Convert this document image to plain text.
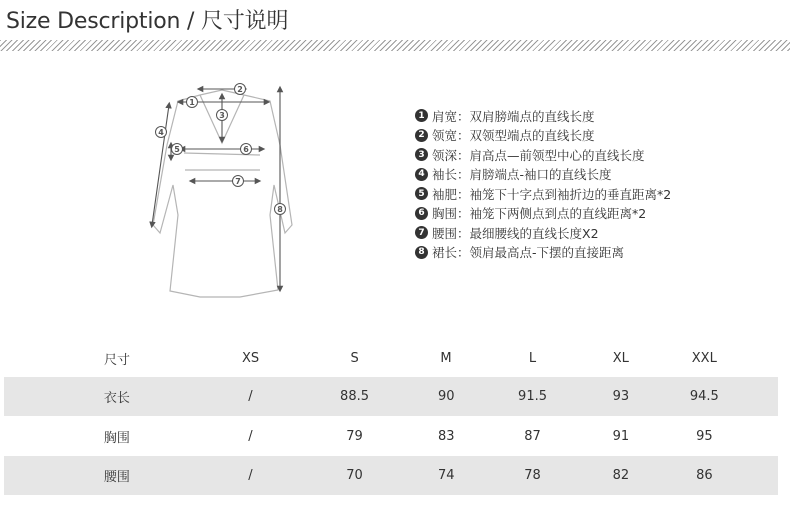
Size Description / 尺寸说明
1
2
3
4
5	6
7
8
1 肩宽：双肩膀端点的直线长度
2 领宽：双领型端点的直线长度
3 领深：肩高点—前领型中心的直线长度
4 袖长：肩膀端点-袖口的直线长度
5 袖肥：袖笼下十字点到袖折边的垂直距离*2
6 胸围：袖笼下两侧点到点的直线距离*2
7 腰围：最细腰线的直线长度X2
8 裙长：领肩最高点-下摆的直接距离
尺寸	XS	S	M	L	XL	XXL
衣长	/	88.5	90	91.5	93	94.5
胸围	/	79	83	87	91	95
腰围	/	70	74	78	82	86
